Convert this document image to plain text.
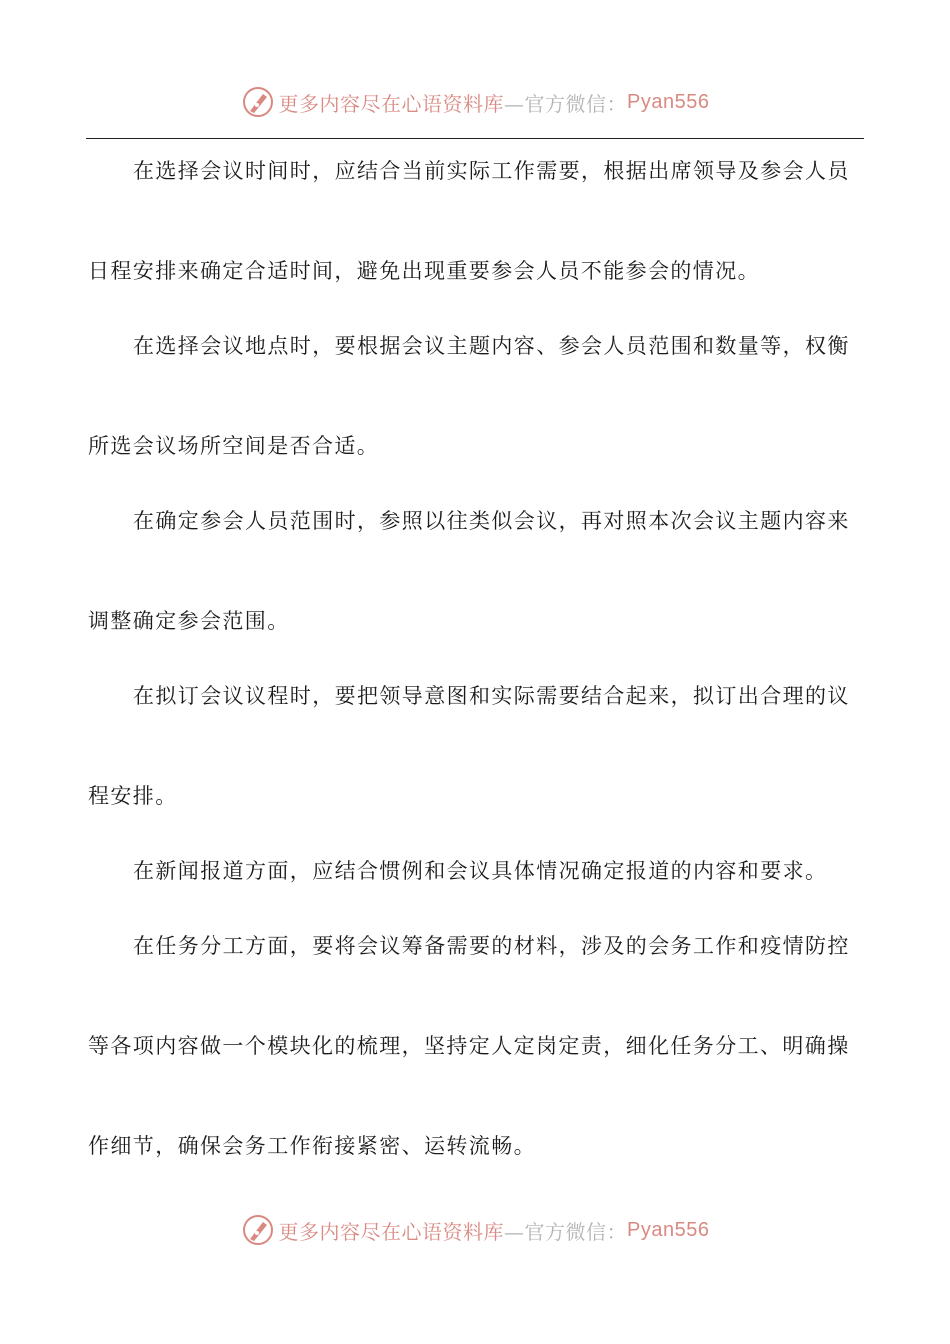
更多内容尽在心语资料库 —官方微信： Pyan556
在选择会议时间时，应结合当前实际工作需要，根据出席领导及参会人员
日程安排来确定合适时间，避免出现重要参会人员不能参会的情况。
在选择会议地点时，要根据会议主题内容、参会人员范围和数量等，权衡
所选会议场所空间是否合适。
在确定参会人员范围时，参照以往类似会议，再对照本次会议主题内容来
调整确定参会范围。
在拟订会议议程时，要把领导意图和实际需要结合起来，拟订出合理的议
程安排。
在新闻报道方面，应结合惯例和会议具体情况确定报道的内容和要求。
在任务分工方面，要将会议筹备需要的材料，涉及的会务工作和疫情防控
等各项内容做一个模块化的梳理，坚持定人定岗定责，细化任务分工、明确操
作细节，确保会务工作衔接紧密、运转流畅。
更多内容尽在心语资料库 —官方微信： Pyan556
